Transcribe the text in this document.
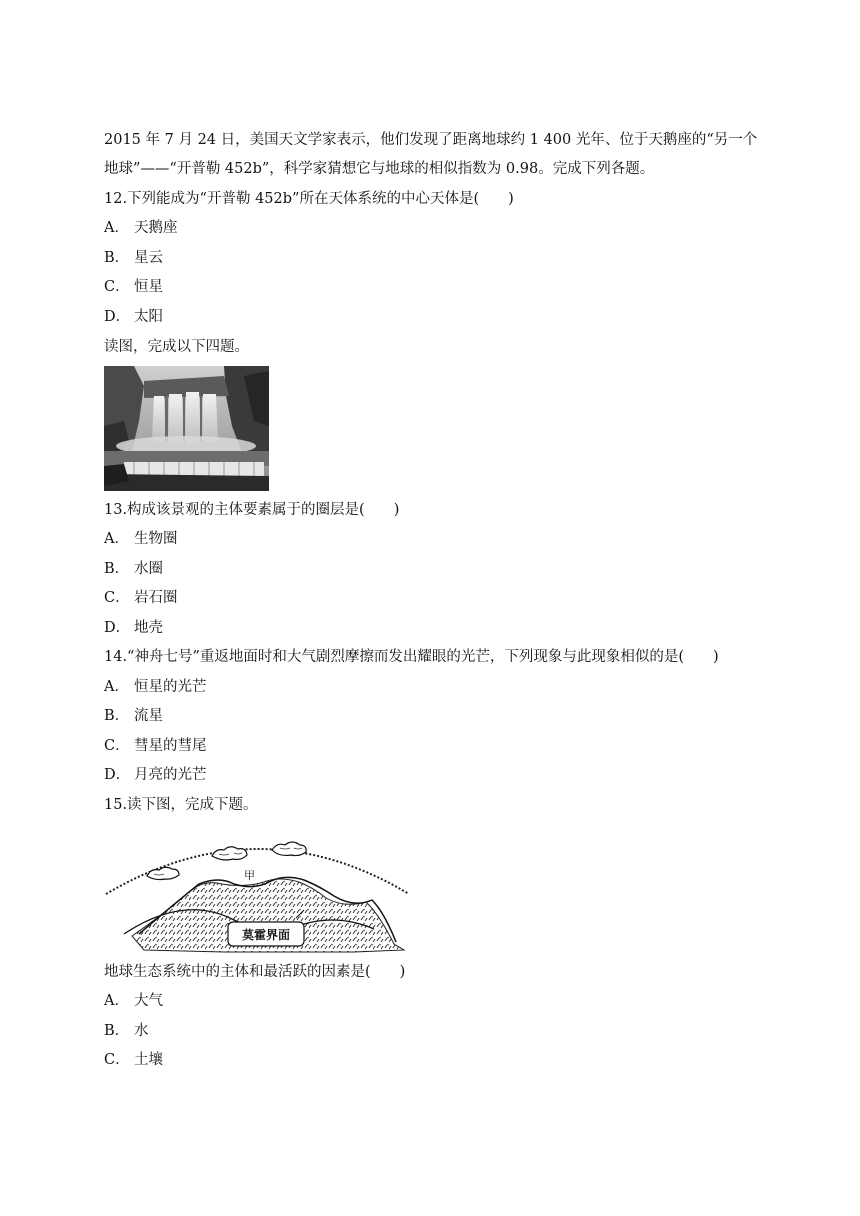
2015 年 7 月 24 日，美国天文学家表示，他们发现了距离地球约 1 400 光年、位于天鹅座的“另一个
地球”——“开普勒 452b”，科学家猜想它与地球的相似指数为 0.98。完成下列各题。
12.下列能成为“开普勒 452b”所在天体系统的中心天体是(　　)
A． 天鹅座
B． 星云
C． 恒星
D． 太阳
读图，完成以下四题。
13.构成该景观的主体要素属于的圈层是(　　)
A． 生物圈
B． 水圈
C． 岩石圈
D． 地壳
14.“神舟七号”重返地面时和大气剧烈摩擦而发出耀眼的光芒，下列现象与此现象相似的是(　　)
A． 恒星的光芒
B． 流星
C． 彗星的彗尾
D． 月亮的光芒
15.读下图，完成下题。
甲
莫霍界面
地球生态系统中的主体和最活跃的因素是(　　)
A． 大气
B． 水
C． 土壤
